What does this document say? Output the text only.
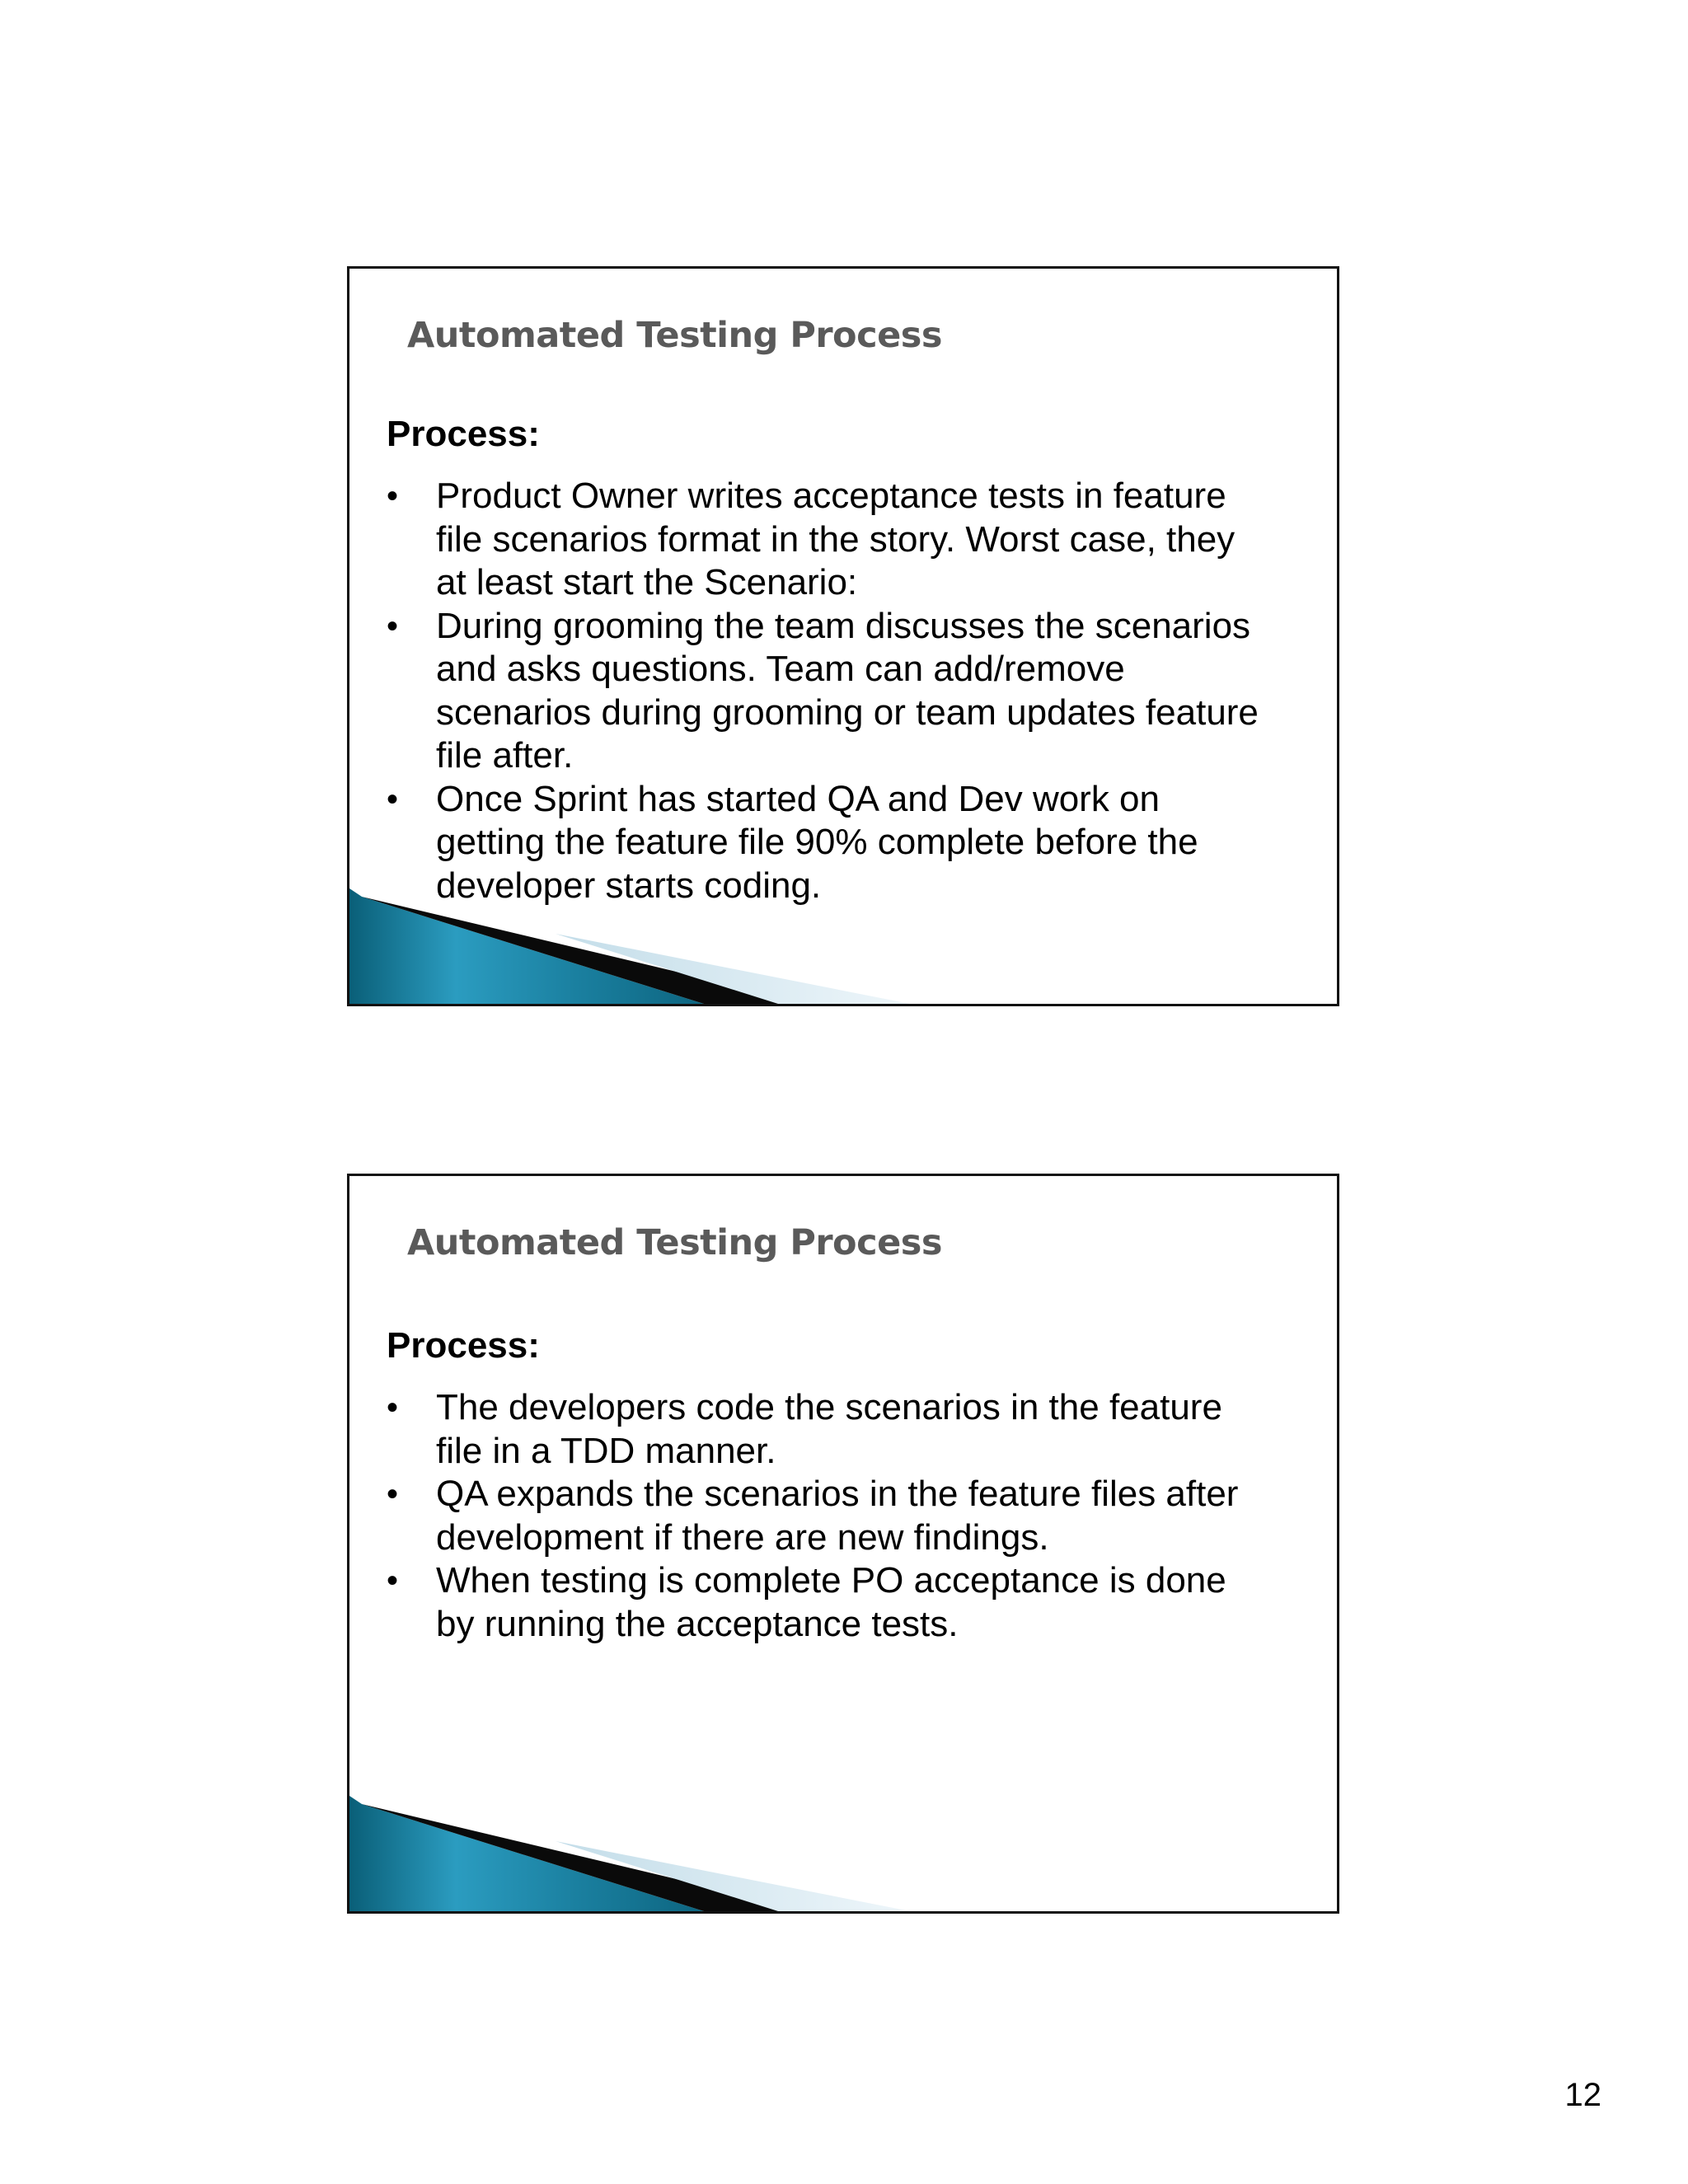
Automated Testing Process
Process:
•	Product Owner writes acceptance tests in feature file scenarios format in the story. Worst case, they at least start the Scenario:
•	During grooming the team discusses the scenarios and asks questions. Team can add/remove scenarios during grooming or team updates feature file after.
•	Once Sprint has started QA and Dev work on getting the feature file 90% complete before the developer starts coding.
Automated Testing Process
Process:
•	The developers code the scenarios in the feature file in a TDD manner.
•	QA expands the scenarios in the feature files after development if there are new findings.
•	When testing is complete PO acceptance is done by running the acceptance tests.
12
